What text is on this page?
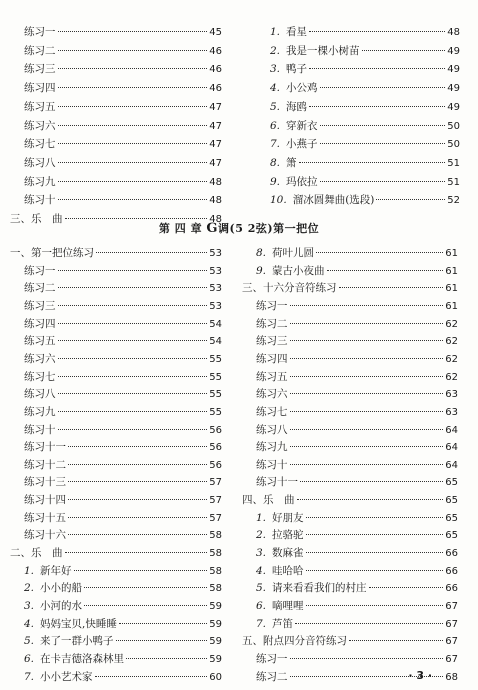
练习一	45
练习二	46
练习三	46
练习四	46
练习五	47
练习六	47
练习七	47
练习八	47
练习九	48
练习十	48
三、乐　曲	48
1. 看星	48
2. 我是一棵小树苗	49
3. 鸭子	49
4. 小公鸡	49
5. 海鸥	49
6. 穿新衣	50
7. 小燕子	50
8. 箫	51
9. 玛依拉	51
10. 溜冰圆舞曲(选段)	52
第 四 章 G调(5 2弦)第一把位
一、第一把位练习	53
练习一	53
练习二	53
练习三	53
练习四	54
练习五	54
练习六	55
练习七	55
练习八	55
练习九	55
练习十	56
练习十一	56
练习十二	56
练习十三	57
练习十四	57
练习十五	57
练习十六	58
二、乐　曲	58
1. 新年好	58
2. 小小的船	58
3. 小河的水	59
4. 妈妈宝贝,快睡睡	59
5. 来了一群小鸭子	59
6. 在卡吉德洛森林里	59
7. 小小艺术家	60
8. 荷叶儿圆	61
9. 蒙古小夜曲	61
三、十六分音符练习	61
练习一	61
练习二	62
练习三	62
练习四	62
练习五	62
练习六	63
练习七	63
练习八	64
练习九	64
练习十	64
练习十一	65
四、乐　曲	65
1. 好朋友	65
2. 拉骆驼	65
3. 数麻雀	66
4. 哇哈哈	66
5. 请来看看我们的村庄	66
6. 嘀哩哩	67
7. 芦笛	67
五、附点四分音符练习	67
练习一	67
练习二	68
· 3 ·
